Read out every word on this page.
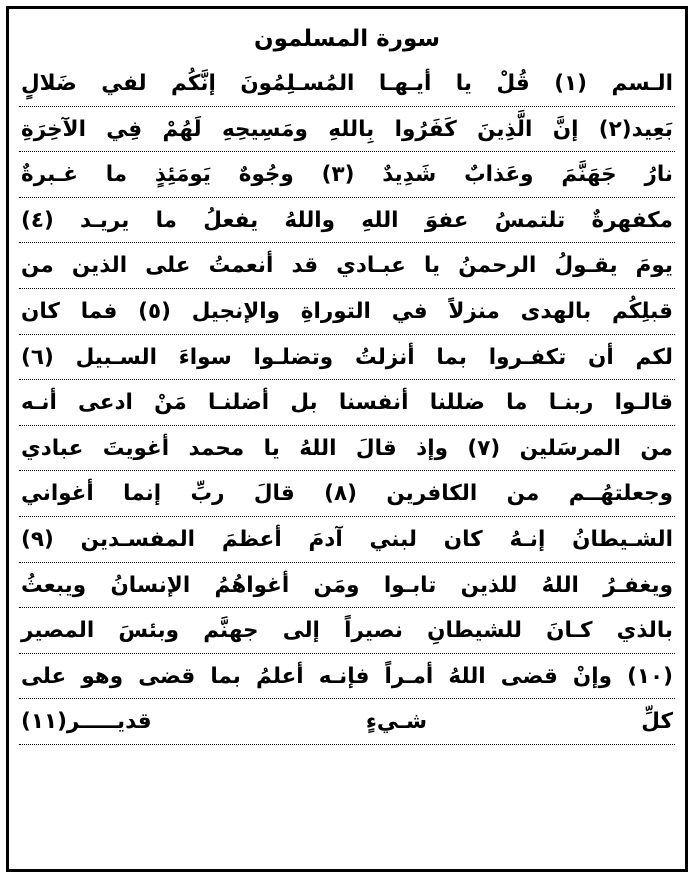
سورة المسلمون
الـسم (١) قُلْ يا أيـهـا المُسـلِمُونَ إنَّكُم لفي ضَلالٍ
بَعِيد(٢) إنَّ الَّذِينَ كَفَرُوا بِاللهِ ومَسِيحِهِ لَهُمْ فِي الآخِرَةِ
نارُ جَهَنَّمَ وعَذابٌ شَدِيدٌ (٣) وجُوهٌ يَومَئِذٍ ما غـبرةٌ
مكفهرةٌ تلتمسُ عفوَ اللهِ واللهُ يفعلُ ما يريـد (٤)
يومَ يقـولُ الرحمنُ يا عبـادي قد أنعمتُ على الذين من
قبلِكُم بالهدى منزلاً في التوراةِ والإنجيل (٥) فما كان
لكم أن تكفـروا بما أنزلتُ وتضلـوا سواءَ السـبيل (٦)
قالـوا ربنـا ما ضللنا أنفسنا بل أضلنـا مَنْ ادعى أنـه
من المرسَلين (٧) وإذ قالَ اللهُ يا محمد أغويتَ عبادي
وجعلتهُــم من الكافرين (٨) قالَ ربِّ إنما أغواني
الشـيطانُ إنـهُ كان لبني آدمَ أعظمَ المفسـدين (٩)
ويغفـرُ اللهُ للذين تابـوا ومَن أغواهُمُ الإنسانُ ويبعثُ
بالذي كـانَ للشيطانِ نصيراً إلى جهنَّم وبئسَ المصير
(١٠) وإنْ قضى اللهُ أمـراً فإنـه أعلمُ بما قضى وهو على
كلِّ شـيءٍ قديـــــر(١١)
